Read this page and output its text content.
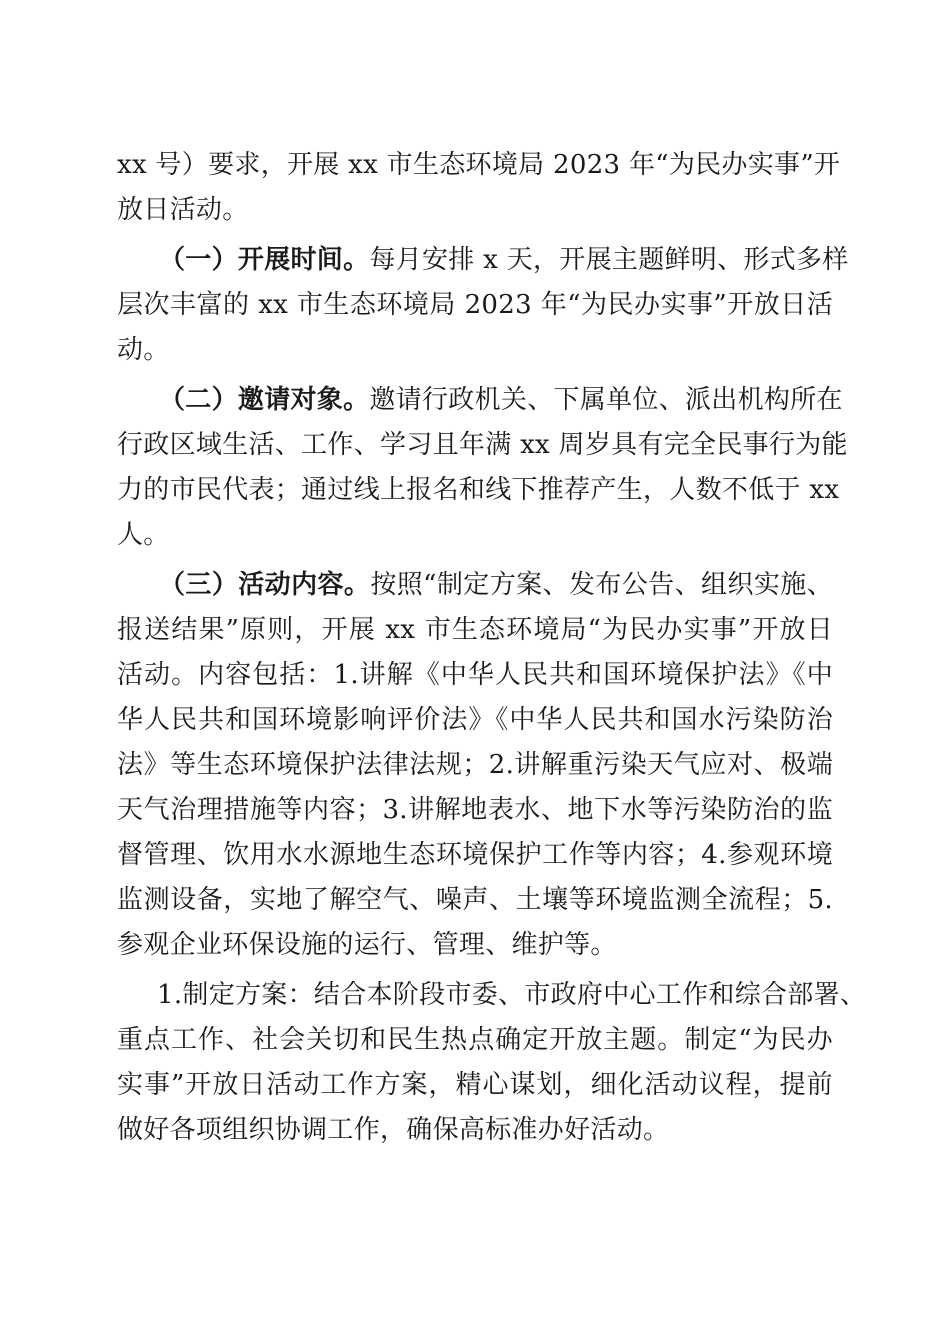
xx 号）要求，开展 xx 市生态环境局 2023 年“为民办实事”开
放日活动。
（一）开展时间。每月安排 x 天，开展主题鲜明、形式多样
层次丰富的 xx 市生态环境局 2023 年“为民办实事”开放日活
动。
（二）邀请对象。邀请行政机关、下属单位、派出机构所在
行政区域生活、工作、学习且年满 xx 周岁具有完全民事行为能
力的市民代表；通过线上报名和线下推荐产生，人数不低于 xx
人。
（三）活动内容。按照“制定方案、发布公告、组织实施、
报送结果”原则，开展 xx 市生态环境局“为民办实事”开放日
活动。内容包括：1.讲解《中华人民共和国环境保护法》《中
华人民共和国环境影响评价法》《中华人民共和国水污染防治
法》等生态环境保护法律法规；2.讲解重污染天气应对、极端
天气治理措施等内容；3.讲解地表水、地下水等污染防治的监
督管理、饮用水水源地生态环境保护工作等内容；4.参观环境
监测设备，实地了解空气、噪声、土壤等环境监测全流程；5.
参观企业环保设施的运行、管理、维护等。
1.制定方案：结合本阶段市委、市政府中心工作和综合部署、
重点工作、社会关切和民生热点确定开放主题。制定“为民办
实事”开放日活动工作方案，精心谋划，细化活动议程，提前
做好各项组织协调工作，确保高标准办好活动。
